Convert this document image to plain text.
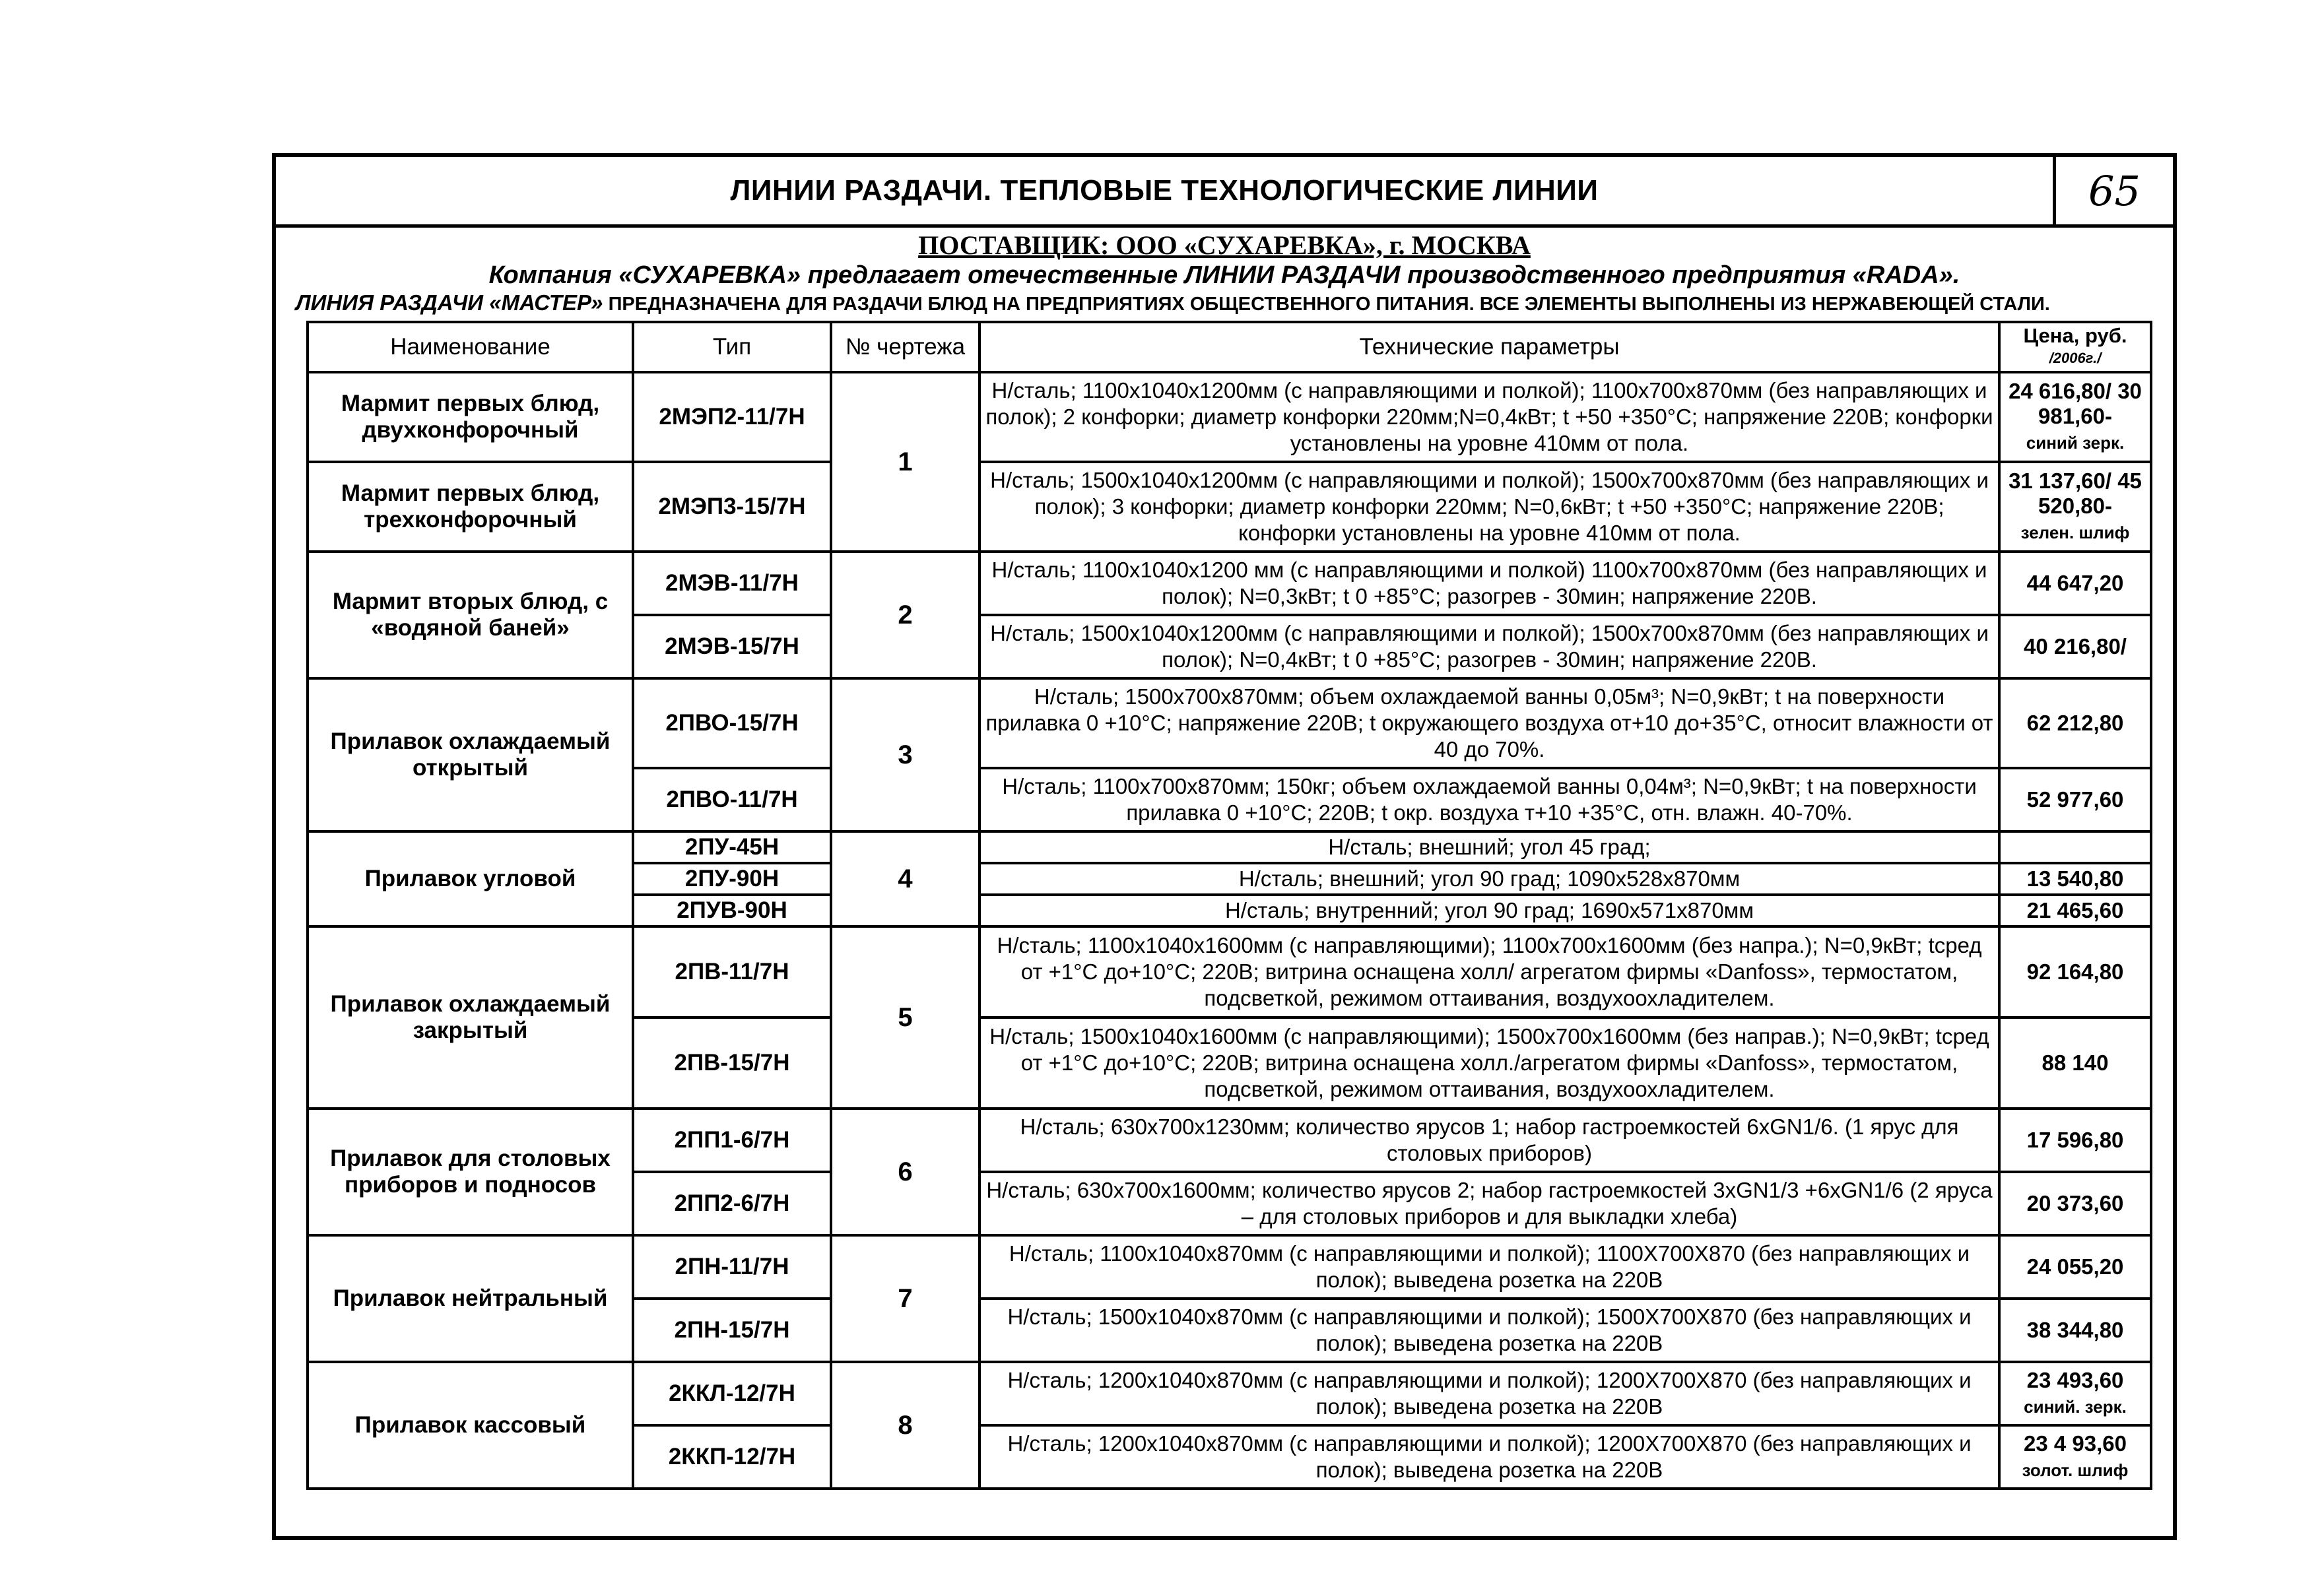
ЛИНИИ РАЗДАЧИ. ТЕПЛОВЫЕ ТЕХНОЛОГИЧЕСКИЕ ЛИНИИ	65
ПОСТАВЩИК: ООО «СУХАРЕВКА», г. МОСКВА
Компания «СУХАРЕВКА» предлагает отечественные ЛИНИИ РАЗДАЧИ производственного предприятия «RADA».
ЛИНИЯ РАЗДАЧИ «МАСТЕР» ПРЕДНАЗНАЧЕНА ДЛЯ РАЗДАЧИ БЛЮД НА ПРЕДПРИЯТИЯХ ОБЩЕСТВЕННОГО ПИТАНИЯ. ВСЕ ЭЛЕМЕНТЫ ВЫПОЛНЕНЫ ИЗ НЕРЖАВЕЮЩЕЙ СТАЛИ.
Наименование	Тип	№ чертежа	Технические параметры	Цена, руб.
/2006г./

Мармит первых блюд, двухконфорочный	2МЭП2-11/7Н	1	Н/сталь; 1100х1040х1200мм (с направляющими и полкой); 1100х700х870мм (без направляющих и полок); 2 конфорки; диаметр конфорки 220мм;N=0,4кВт; t +50 +350°С; напряжение 220В; конфорки установлены на уровне 410мм от пола.	24 616,80/ 30 981,60-
синий зерк.
Мармит первых блюд, трехконфорочный	2МЭП3-15/7Н		Н/сталь; 1500х1040х1200мм (с направляющими и полкой); 1500х700х870мм (без направляющих и полок); 3 конфорки; диаметр конфорки 220мм; N=0,6кВт; t +50 +350°С; напряжение 220В; конфорки установлены на уровне 410мм от пола.	31 137,60/ 45 520,80-
зелен. шлиф
Мармит вторых блюд, с «водяной баней»	2МЭВ-11/7Н	2	Н/сталь; 1100х1040х1200 мм (с направляющими и полкой) 1100х700х870мм (без направляющих и полок); N=0,3кВт; t 0 +85°С; разогрев - 30мин; напряжение 220В.	44 647,20
	2МЭВ-15/7Н		Н/сталь; 1500х1040х1200мм (с направляющими и полкой); 1500х700х870мм (без направляющих и полок); N=0,4кВт; t 0 +85°С; разогрев - 30мин; напряжение 220В.	40 216,80/
Прилавок охлаждаемый открытый	2ПВО-15/7Н	3	Н/сталь; 1500х700х870мм; объем охлаждаемой ванны 0,05м³; N=0,9кВт; t на поверхности прилавка 0 +10°С; напряжение 220В; t окружающего воздуха от+10 до+35°С, относит влажности от 40 до 70%.	62 212,80
	2ПВО-11/7Н		Н/сталь; 1100х700х870мм; 150кг; объем охлаждаемой ванны 0,04м³; N=0,9кВт; t на поверхности прилавка 0 +10°С; 220В; t окр. воздуха т+10 +35°С, отн. влажн. 40-70%.	52 977,60
Прилавок угловой	2ПУ-45Н	4	Н/сталь; внешний; угол 45 град;	
	2ПУ-90Н		Н/сталь; внешний; угол 90 град; 1090х528х870мм	13 540,80
	2ПУВ-90Н		Н/сталь; внутренний; угол 90 град; 1690х571х870мм	21 465,60
Прилавок охлаждаемый закрытый	2ПВ-11/7Н	5	Н/сталь; 1100х1040х1600мм (с направляющими); 1100х700х1600мм (без напра.); N=0,9кВт; tсред от +1°С до+10°С; 220В; витрина оснащена холл/ агрегатом фирмы «Danfoss», термостатом, подсветкой, режимом оттаивания, воздухоохладителем.	92 164,80
	2ПВ-15/7Н		Н/сталь; 1500х1040х1600мм (с направляющими); 1500х700х1600мм (без направ.); N=0,9кВт; tсред от +1°С до+10°С; 220В; витрина оснащена холл./агрегатом фирмы «Danfoss», термостатом, подсветкой, режимом оттаивания, воздухоохладителем.	88 140
Прилавок для столовых приборов и подносов	2ПП1-6/7Н	6	Н/сталь; 630х700х1230мм; количество ярусов 1; набор гастроемкостей 6хGN1/6. (1 ярус для столовых приборов)	17 596,80
	2ПП2-6/7Н		Н/сталь; 630х700х1600мм; количество ярусов 2; набор гастроемкостей 3хGN1/3 +6хGN1/6 (2 яруса – для столовых приборов и для выкладки хлеба)	20 373,60
Прилавок нейтральный	2ПН-11/7Н	7	Н/сталь; 1100х1040х870мм (с направляющими и полкой); 1100Х700Х870 (без направляющих и полок); выведена розетка на 220В	24 055,20
	2ПН-15/7Н		Н/сталь; 1500х1040х870мм (с направляющими и полкой); 1500Х700Х870 (без направляющих и полок); выведена розетка на 220В	38 344,80
Прилавок кассовый	2ККЛ-12/7Н	8	Н/сталь; 1200х1040х870мм (с направляющими и полкой); 1200Х700Х870 (без направляющих и полок); выведена розетка на 220В	23 493,60
синий. зерк.
	2ККП-12/7Н		Н/сталь; 1200х1040х870мм (с направляющими и полкой); 1200Х700Х870 (без направляющих и полок); выведена розетка на 220В	23 4 93,60
золот. шлиф
